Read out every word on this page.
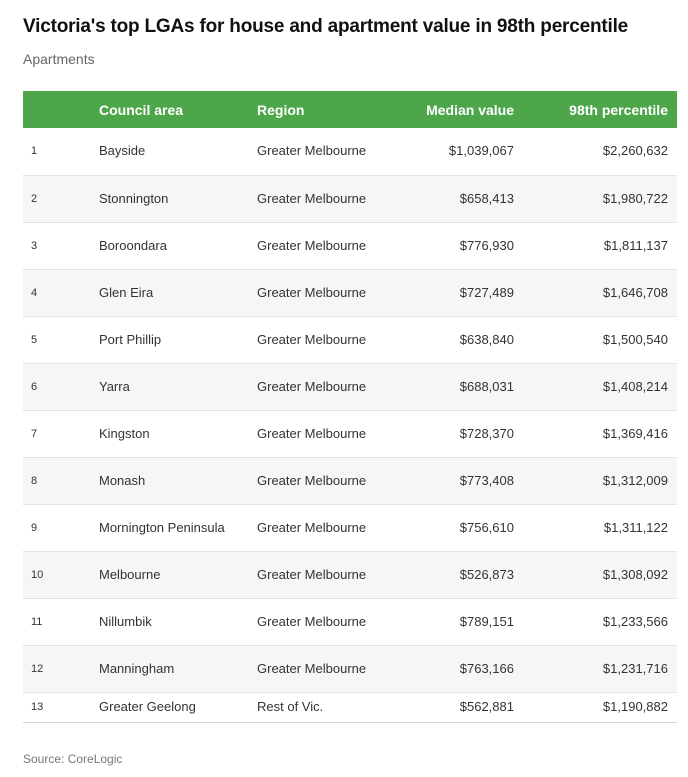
Victoria's top LGAs for house and apartment value in 98th percentile
Apartments
	Council area	Region	Median value	98th percentile
1	Bayside	Greater Melbourne	$1,039,067	$2,260,632
2	Stonnington	Greater Melbourne	$658,413	$1,980,722
3	Boroondara	Greater Melbourne	$776,930	$1,811,137
4	Glen Eira	Greater Melbourne	$727,489	$1,646,708
5	Port Phillip	Greater Melbourne	$638,840	$1,500,540
6	Yarra	Greater Melbourne	$688,031	$1,408,214
7	Kingston	Greater Melbourne	$728,370	$1,369,416
8	Monash	Greater Melbourne	$773,408	$1,312,009
9	Mornington Peninsula	Greater Melbourne	$756,610	$1,311,122
10	Melbourne	Greater Melbourne	$526,873	$1,308,092
11	Nillumbik	Greater Melbourne	$789,151	$1,233,566
12	Manningham	Greater Melbourne	$763,166	$1,231,716
13	Greater Geelong	Rest of Vic.	$562,881	$1,190,882
Source: CoreLogic
